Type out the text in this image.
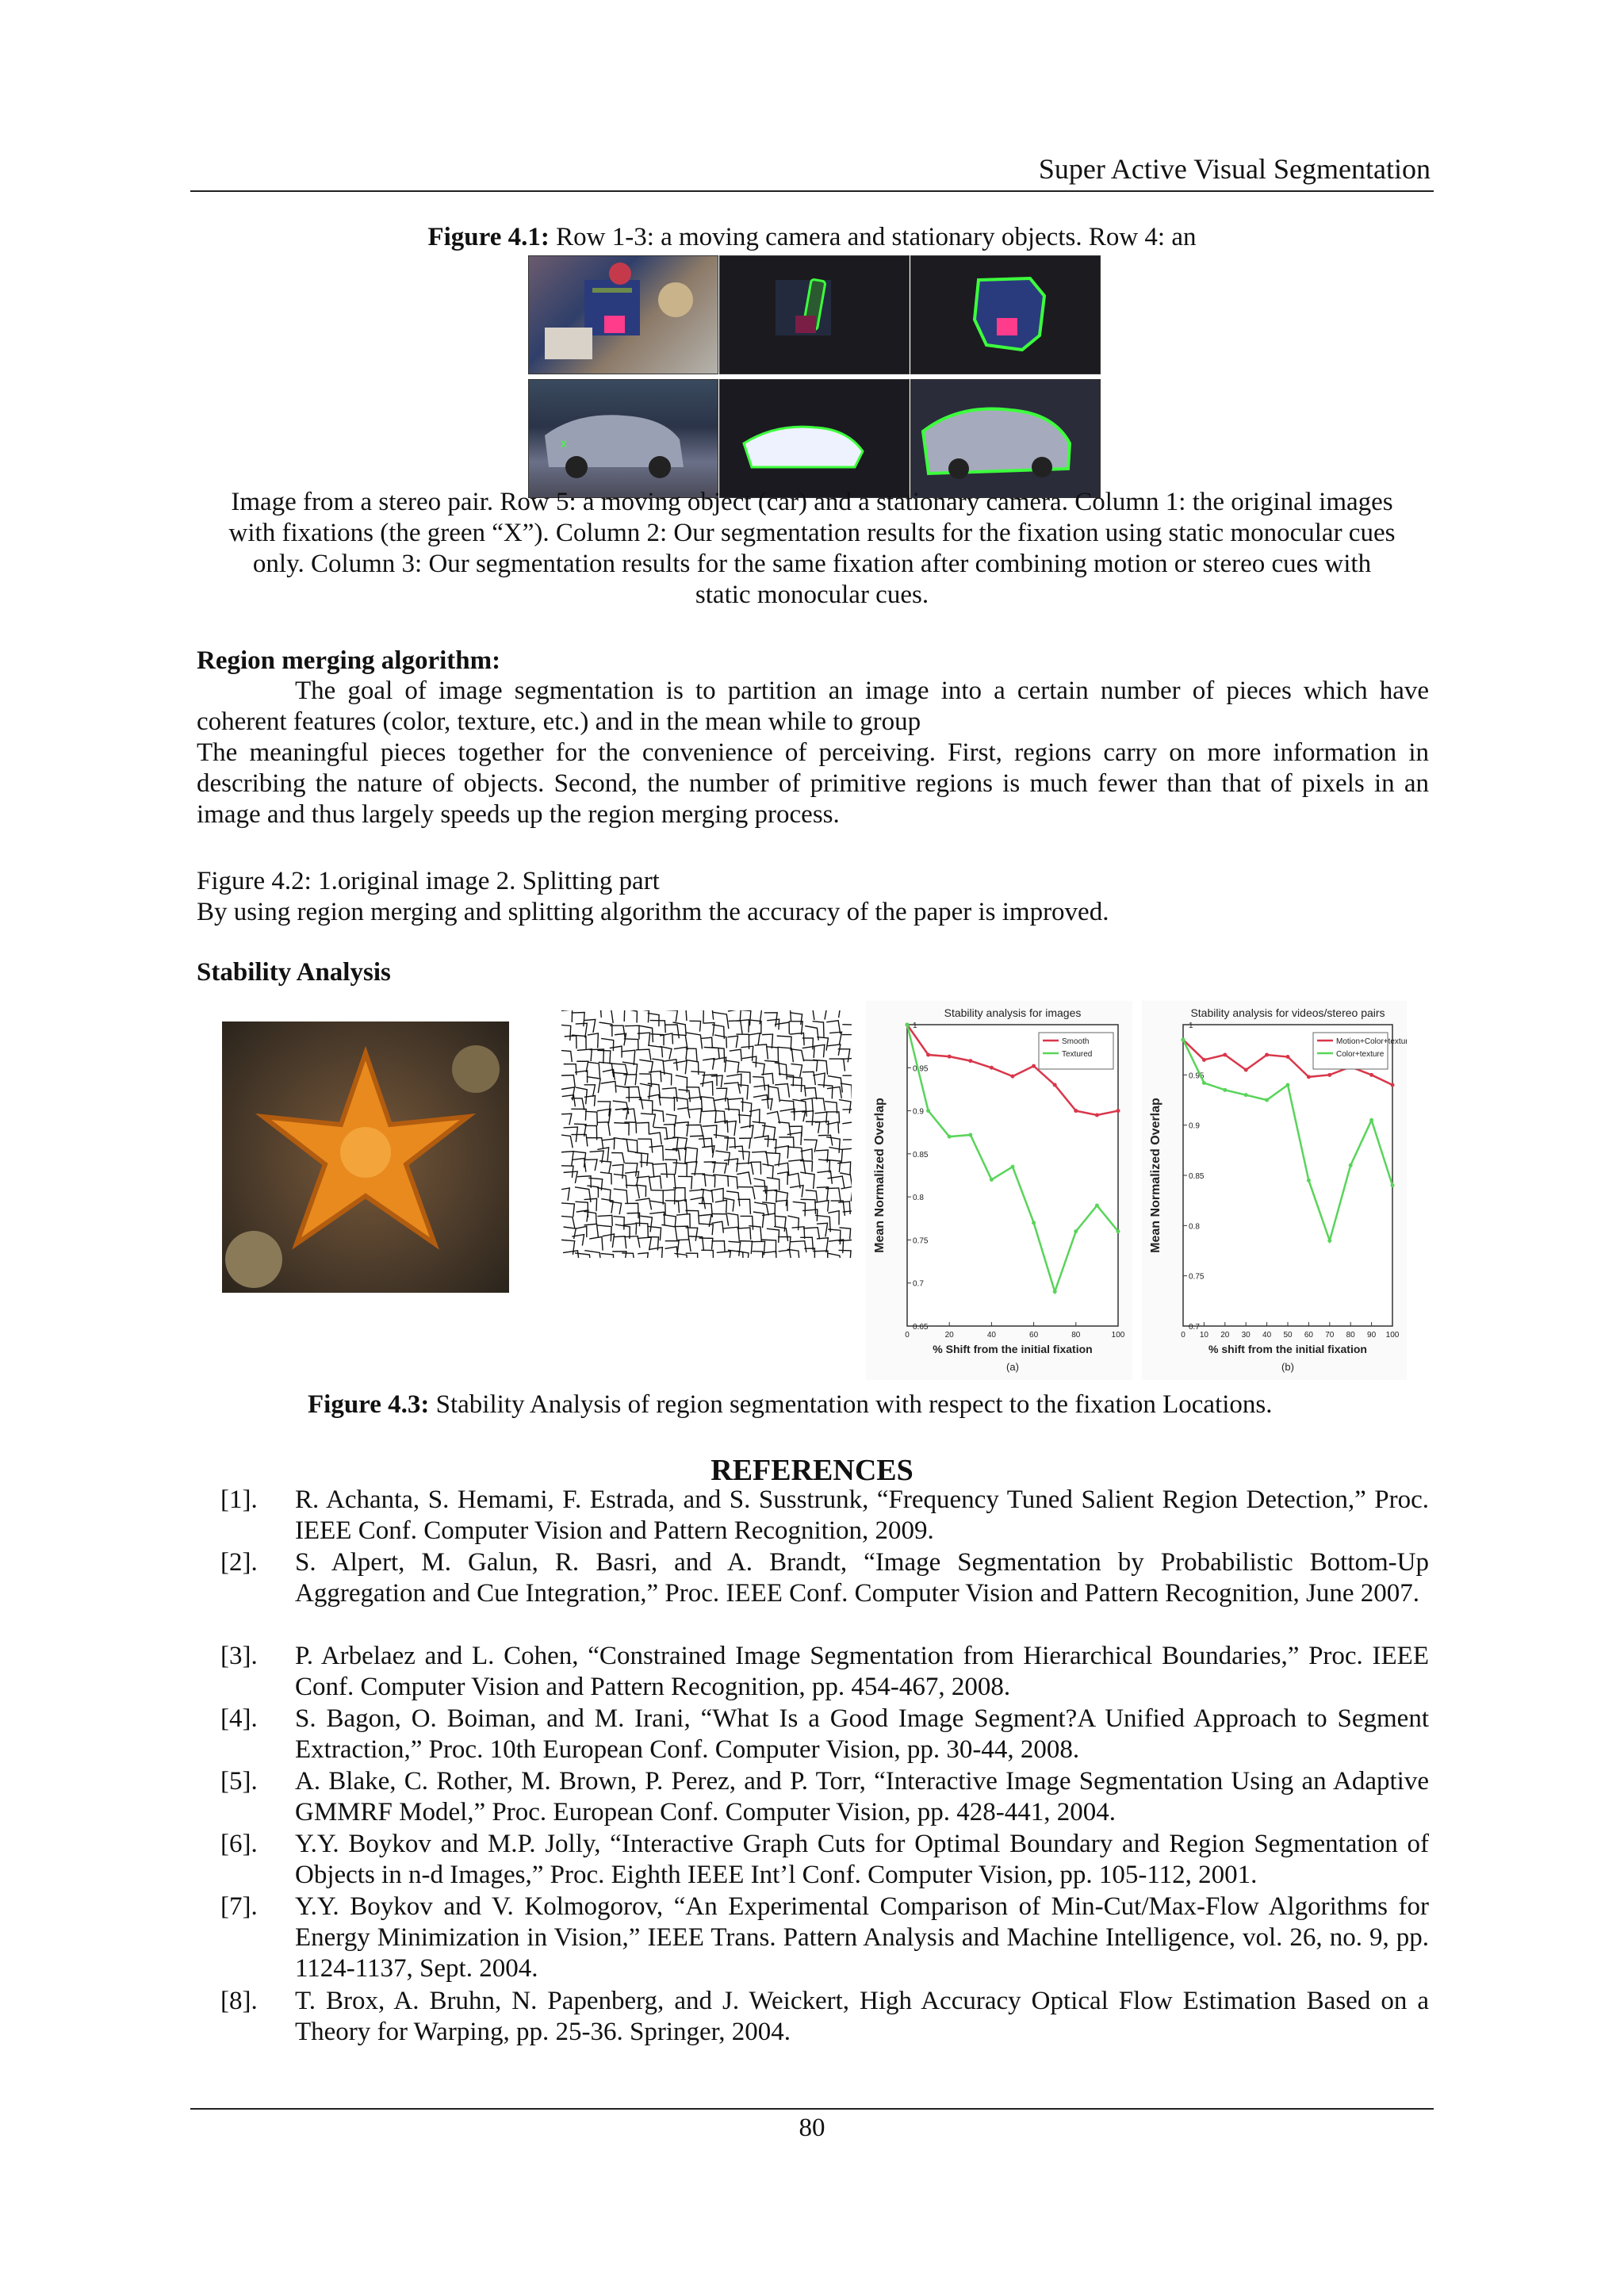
Super Active Visual Segmentation
Figure 4.1: Row 1-3: a moving camera and stationary objects. Row 4: an
x
Image from a stereo pair. Row 5: a moving object (car) and a stationary camera. Column 1: the original images
with fixations (the green “X”). Column 2: Our segmentation results for the fixation using static monocular cues
only. Column 3: Our segmentation results for the same fixation after combining motion or stereo cues with
static monocular cues.
Region merging algorithm:
The goal of image segmentation is to partition an image into a certain number of pieces which have
coherent features (color, texture, etc.) and in the mean while to group
The meaningful pieces together for the convenience of perceiving. First, regions carry on more information in describing the nature of objects. Second, the number of primitive regions is much fewer than that of pixels in an image and thus largely speeds up the region merging process.
Figure 4.2: 1.original image 2. Splitting part
By using region merging and splitting algorithm the accuracy of the paper is improved.
Stability Analysis
Stability analysis for images
0.65
0.7
0.75
0.8
0.85
0.9
0.95
1
0	20	40	60	80	100
% Shift from the initial fixation
Mean Normalized Overlap
(a)
Smooth
Textured
Stability analysis for videos/stereo pairs
0.7
0.75
0.8
0.85
0.9
0.95
1
0 10 20 30 40 50 60 70 80 90 100
% shift from the initial fixation
Mean Normalized Overlap
(b)
Motion+Color+texture
Color+texture
Figure 4.3: Stability Analysis of region segmentation with respect to the fixation Locations.
REFERENCES
[1].	R. Achanta, S. Hemami, F. Estrada, and S. Susstrunk, “Frequency Tuned Salient Region Detection,” Proc. IEEE Conf. Computer Vision and Pattern Recognition, 2009.
[2].	S. Alpert, M. Galun, R. Basri, and A. Brandt, “Image Segmentation by Probabilistic Bottom-Up Aggregation and Cue Integration,” Proc. IEEE Conf. Computer Vision and Pattern Recognition, June 2007.
[3].	P. Arbelaez and L. Cohen, “Constrained Image Segmentation from Hierarchical Boundaries,” Proc. IEEE Conf. Computer Vision and Pattern Recognition, pp. 454-467, 2008.
[4].	S. Bagon, O. Boiman, and M. Irani, “What Is a Good Image Segment?A Unified Approach to Segment Extraction,” Proc. 10th European Conf. Computer Vision, pp. 30-44, 2008.
[5].	A. Blake, C. Rother, M. Brown, P. Perez, and P. Torr, “Interactive Image Segmentation Using an Adaptive GMMRF Model,” Proc. European Conf. Computer Vision, pp. 428-441, 2004.
[6].	Y.Y. Boykov and M.P. Jolly, “Interactive Graph Cuts for Optimal Boundary and Region Segmentation of Objects in n-d Images,” Proc. Eighth IEEE Int’l Conf. Computer Vision, pp. 105-112, 2001.
[7].	Y.Y. Boykov and V. Kolmogorov, “An Experimental Comparison of Min-Cut/Max-Flow Algorithms for Energy Minimization in Vision,” IEEE Trans. Pattern Analysis and Machine Intelligence, vol. 26, no. 9, pp. 1124-1137, Sept. 2004.
[8].	T. Brox, A. Bruhn, N. Papenberg, and J. Weickert, High Accuracy Optical Flow Estimation Based on a Theory for Warping, pp. 25-36. Springer, 2004.
80
